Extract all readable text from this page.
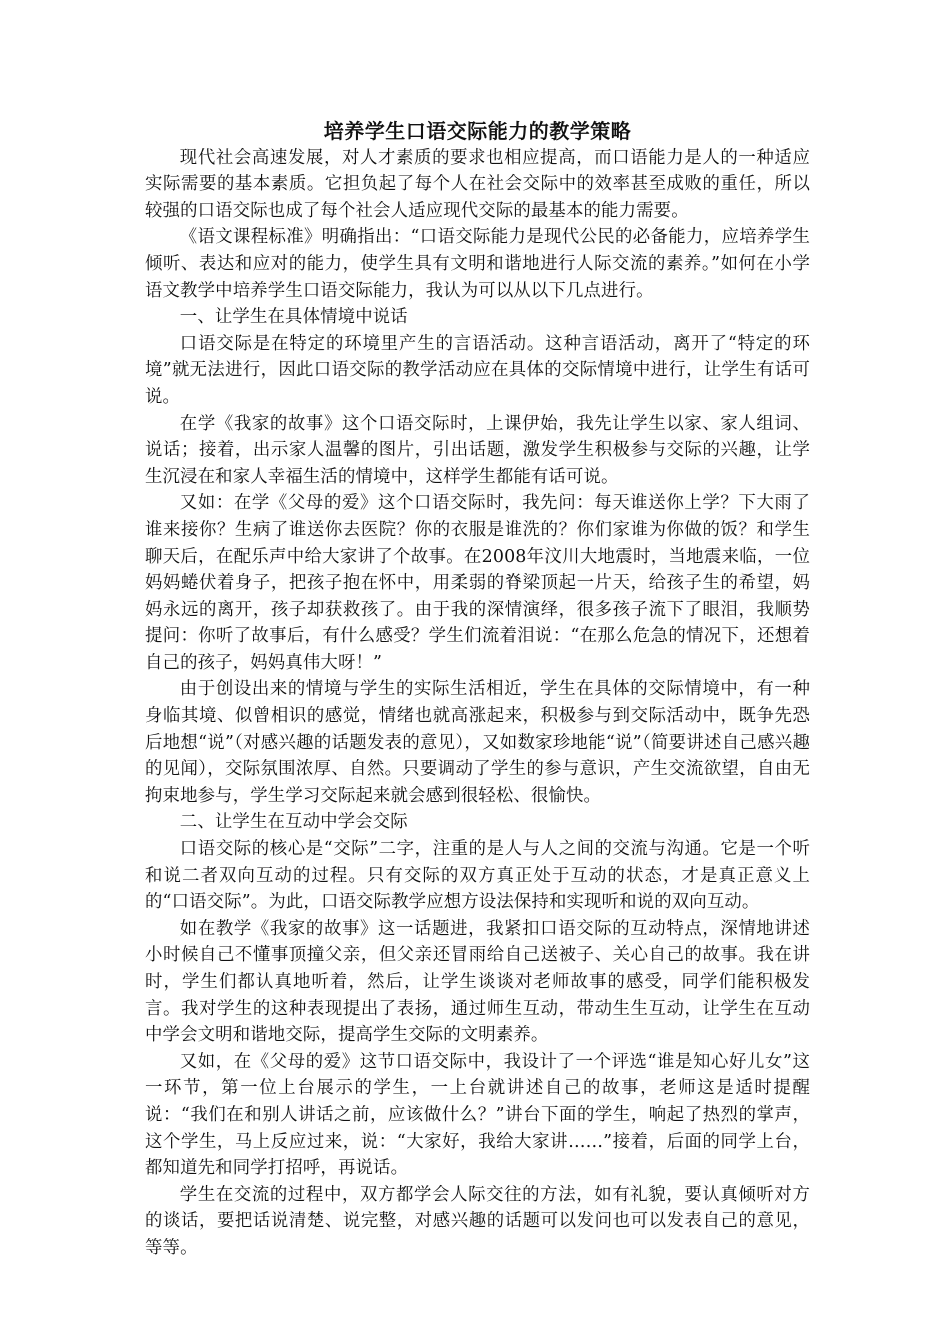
培养学生口语交际能力的教学策略

现代社会高速发展，对人才素质的要求也相应提高，而口语能力是人的一种适应实际需要的基本素质。它担负起了每个人在社会交际中的效率甚至成败的重任，所以较强的口语交际也成了每个社会人适应现代交际的最基本的能力需要。

《语文课程标准》明确指出：“口语交际能力是现代公民的必备能力，应培养学生倾听、表达和应对的能力，使学生具有文明和谐地进行人际交流的素养。”如何在小学语文教学中培养学生口语交际能力，我认为可以从以下几点进行。

一、让学生在具体情境中说话

口语交际是在特定的环境里产生的言语活动。这种言语活动，离开了“特定的环境”就无法进行，因此口语交际的教学活动应在具体的交际情境中进行，让学生有话可说。

在学《我家的故事》这个口语交际时，上课伊始，我先让学生以家、家人组词、说话；接着，出示家人温馨的图片，引出话题，激发学生积极参与交际的兴趣，让学生沉浸在和家人幸福生活的情境中，这样学生都能有话可说。

又如：在学《父母的爱》这个口语交际时，我先问：每天谁送你上学？下大雨了谁来接你？生病了谁送你去医院？你的衣服是谁洗的？你们家谁为你做的饭？和学生聊天后，在配乐声中给大家讲了个故事。在2008年汶川大地震时，当地震来临，一位妈妈蜷伏着身子，把孩子抱在怀中，用柔弱的脊梁顶起一片天，给孩子生的希望，妈妈永远的离开，孩子却获救孩了。由于我的深情演绎，很多孩子流下了眼泪，我顺势提问：你听了故事后，有什么感受？学生们流着泪说：“在那么危急的情况下，还想着自己的孩子，妈妈真伟大呀！”

由于创设出来的情境与学生的实际生活相近，学生在具体的交际情境中，有一种身临其境、似曾相识的感觉，情绪也就高涨起来，积极参与到交际活动中，既争先恐后地想“说”（对感兴趣的话题发表的意见），又如数家珍地能“说”（简要讲述自己感兴趣的见闻），交际氛围浓厚、自然。只要调动了学生的参与意识，产生交流欲望，自由无拘束地参与，学生学习交际起来就会感到很轻松、很愉快。

二、让学生在互动中学会交际

口语交际的核心是“交际”二字，注重的是人与人之间的交流与沟通。它是一个听和说二者双向互动的过程。只有交际的双方真正处于互动的状态，才是真正意义上的“口语交际”。为此，口语交际教学应想方设法保持和实现听和说的双向互动。

如在教学《我家的故事》这一话题进，我紧扣口语交际的互动特点，深情地讲述小时候自己不懂事顶撞父亲，但父亲还冒雨给自己送被子、关心自己的故事。我在讲时，学生们都认真地听着，然后，让学生谈谈对老师故事的感受，同学们能积极发言。我对学生的这种表现提出了表扬，通过师生互动，带动生生互动，让学生在互动中学会文明和谐地交际，提高学生交际的文明素养。

又如，在《父母的爱》这节口语交际中，我设计了一个评选“谁是知心好儿女”这一环节，第一位上台展示的学生，一上台就讲述自己的故事，老师这是适时提醒说：“我们在和别人讲话之前，应该做什么？”讲台下面的学生，响起了热烈的掌声，这个学生，马上反应过来，说：“大家好，我给大家讲……”接着，后面的同学上台，都知道先和同学打招呼，再说话。

学生在交流的过程中，双方都学会人际交往的方法，如有礼貌，要认真倾听对方的谈话，要把话说清楚、说完整，对感兴趣的话题可以发问也可以发表自己的意见，等等。
